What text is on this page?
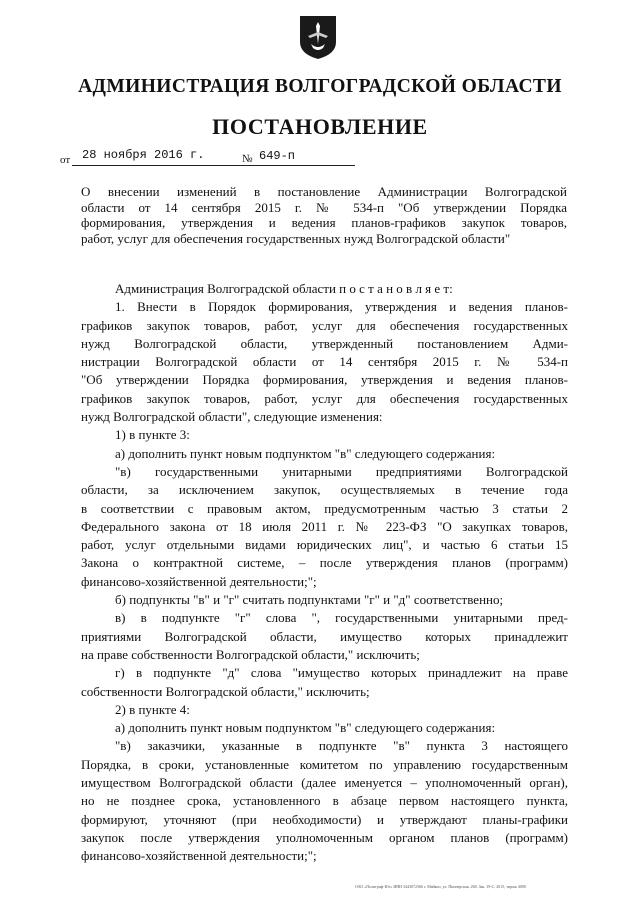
АДМИНИСТРАЦИЯ ВОЛГОГРАДСКОЙ ОБЛАСТИ
ПОСТАНОВЛЕНИЕ
от 28 ноября 2016 г.	№ 649-п

О внесении изменений в постановление Администрации Волгоградской

области от 14 сентября 2015 г. № 534-п "Об утверждении Порядка

формирования, утверждения и ведения планов-графиков закупок товаров,

работ, услуг для обеспечения государственных нужд Волгоградской области"

Администрация Волгоградской области п о с т а н о в л я е т:

1. Внести в Порядок формирования, утверждения и ведения планов-

графиков закупок товаров, работ, услуг для обеспечения государственных

нужд Волгоградской области, утвержденный постановлением Адми-

нистрации Волгоградской области от 14 сентября 2015 г. № 534-п

"Об утверждении Порядка формирования, утверждения и ведения планов-

графиков закупок товаров, работ, услуг для обеспечения государственных

нужд Волгоградской области", следующие изменения:

1) в пункте 3:

а) дополнить пункт новым подпунктом "в" следующего содержания:

"в) государственными унитарными предприятиями Волгоградской

области, за исключением закупок, осуществляемых в течение года

в соответствии с правовым актом, предусмотренным частью 3 статьи 2

Федерального закона от 18 июля 2011 г. № 223-ФЗ "О закупках товаров,

работ, услуг отдельными видами юридических лиц", и частью 6 статьи 15

Закона о контрактной системе, – после утверждения планов (программ)

финансово-хозяйственной деятельности;";

б) подпункты "в" и "г" считать подпунктами "г" и "д" соответственно;

в) в подпункте "г" слова ", государственными унитарными пред-

приятиями Волгоградской области, имущество которых принадлежит

на праве собственности Волгоградской области," исключить;

г) в подпункте "д" слова "имущество которых принадлежит на праве

собственности Волгоградской области," исключить;

2) в пункте 4:

а) дополнить пункт новым подпунктом "в" следующего содержания:

"в) заказчики, указанные в подпункте "в" пункта 3 настоящего

Порядка, в сроки, установленные комитетом по управлению государственным

имуществом Волгоградской области (далее именуется – уполномоченный орган),

но не позднее срока, установленного в абзаце первом настоящего пункта,

формируют, уточняют (при необходимости) и утверждают планы-графики

закупок после утверждения уполномоченным органом планов (программ)

финансово-хозяйственной деятельности;";

ОАО «Полиграф-Юг» ИНН 3443072366 г. Майкоп, ул. Пионерская, 268. Зак. 19-С, 2015, тираж 4000
